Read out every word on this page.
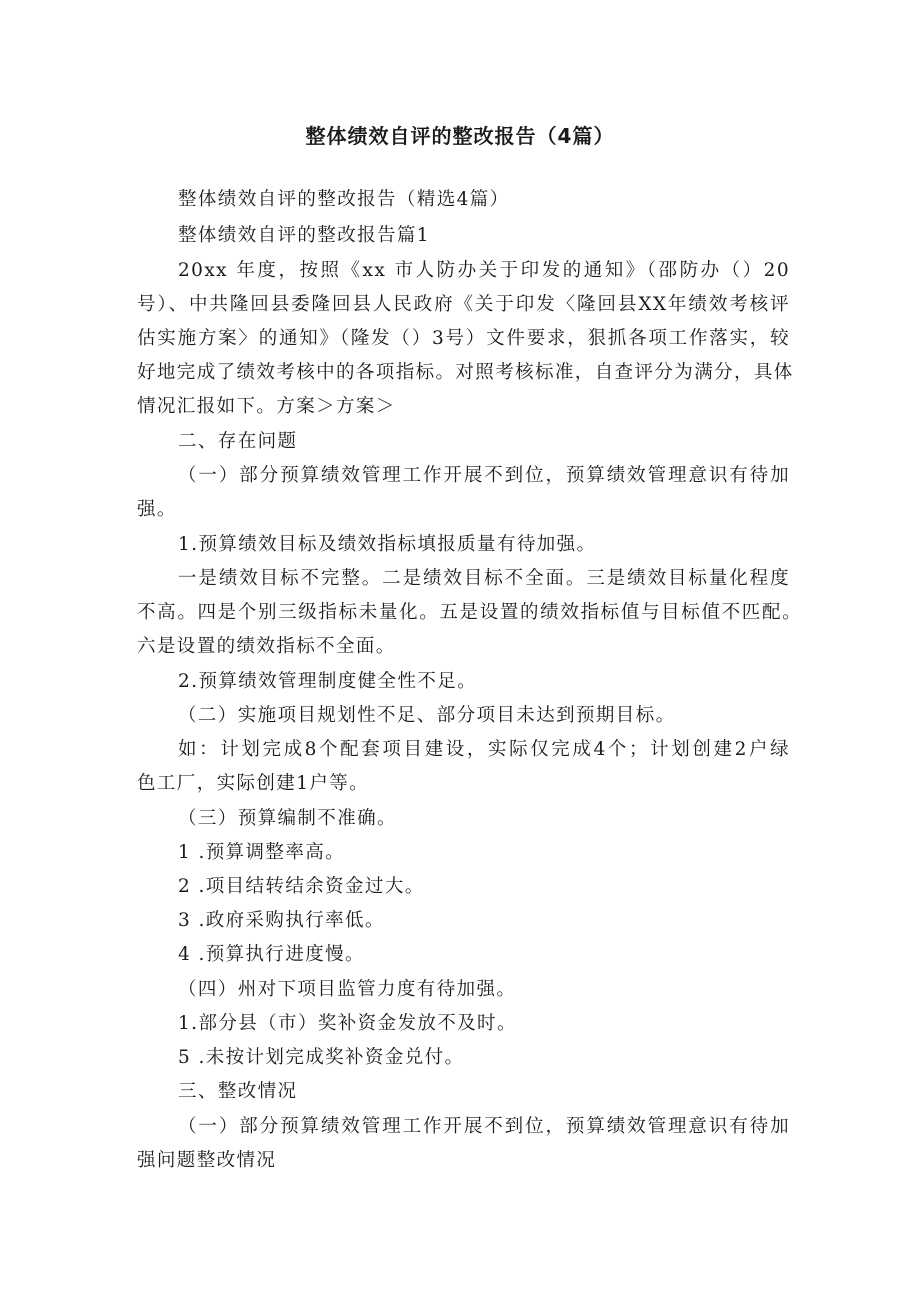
整体绩效自评的整改报告（4篇）
整体绩效自评的整改报告（精选4篇）
整体绩效自评的整改报告篇1
20xx 年度，按照《xx 市人防办关于印发的通知》（邵防办（）20
号）、中共隆回县委隆回县人民政府《关于印发〈隆回县XX年绩效考核评
估实施方案〉的通知》（隆发（）3号）文件要求，狠抓各项工作落实，较
好地完成了绩效考核中的各项指标。对照考核标准，自查评分为满分，具体
情况汇报如下。方案＞方案＞
二、存在问题
（一）部分预算绩效管理工作开展不到位，预算绩效管理意识有待加
强。
1.预算绩效目标及绩效指标填报质量有待加强。
一是绩效目标不完整。二是绩效目标不全面。三是绩效目标量化程度
不高。四是个别三级指标未量化。五是设置的绩效指标值与目标值不匹配。
六是设置的绩效指标不全面。
2.预算绩效管理制度健全性不足。
（二）实施项目规划性不足、部分项目未达到预期目标。
如：计划完成8个配套项目建设，实际仅完成4个；计划创建2户绿
色工厂，实际创建1户等。
（三）预算编制不准确。
1 .预算调整率高。
2 .项目结转结余资金过大。
3 .政府采购执行率低。
4 .预算执行进度慢。
（四）州对下项目监管力度有待加强。
1.部分县（市）奖补资金发放不及时。
5 .未按计划完成奖补资金兑付。
三、整改情况
（一）部分预算绩效管理工作开展不到位，预算绩效管理意识有待加
强问题整改情况
